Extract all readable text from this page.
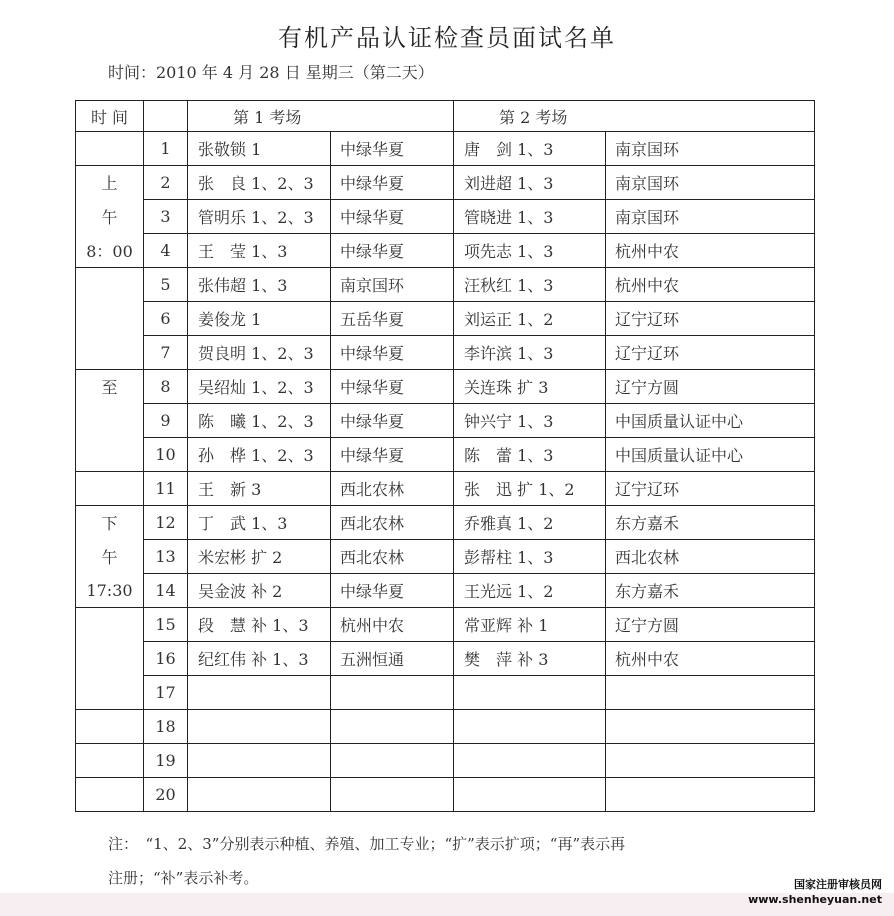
有机产品认证检查员面试名单
时间：2010 年 4 月 28 日 星期三（第二天）
时 间		第 1 考场		第 2 考场	
	1	张敬锁 1	中绿华夏	唐　剑 1、3	南京国环
上	2	张　良 1、2、3	中绿华夏	刘进超 1、3	南京国环
午	3	管明乐 1、2、3	中绿华夏	管晓进 1、3	南京国环
8：00	4	王　莹 1、3	中绿华夏	项先志 1、3	杭州中农
	5	张伟超 1、3	南京国环	汪秋红 1、3	杭州中农
	6	姜俊龙 1	五岳华夏	刘运正 1、2	辽宁辽环
	7	贺良明 1、2、3	中绿华夏	李许滨 1、3	辽宁辽环
至	8	吴绍灿 1、2、3	中绿华夏	关连珠 扩 3	辽宁方圆
	9	陈　曦 1、2、3	中绿华夏	钟兴宁 1、3	中国质量认证中心
	10	孙　桦 1、2、3	中绿华夏	陈　蕾 1、3	中国质量认证中心
	11	王　新 3	西北农林	张　迅 扩 1、2	辽宁辽环
下	12	丁　武 1、3	西北农林	乔雅真 1、2	东方嘉禾
午	13	米宏彬 扩 2	西北农林	彭帮柱 1、3	西北农林
17:30	14	吴金波 补 2	中绿华夏	王光远 1、2	东方嘉禾
	15	段　慧 补 1、3	杭州中农	常亚辉 补 1	辽宁方圆
	16	纪红伟 补 1、3	五洲恒通	樊　萍 补 3	杭州中农
	17				
	18				
	19				
	20				
注：　“1、2、3”分别表示种植、养殖、加工专业；“扩”表示扩项；“再”表示再
注册；“补”表示补考。	国家注册审核员网
www.shenheyuan.net
